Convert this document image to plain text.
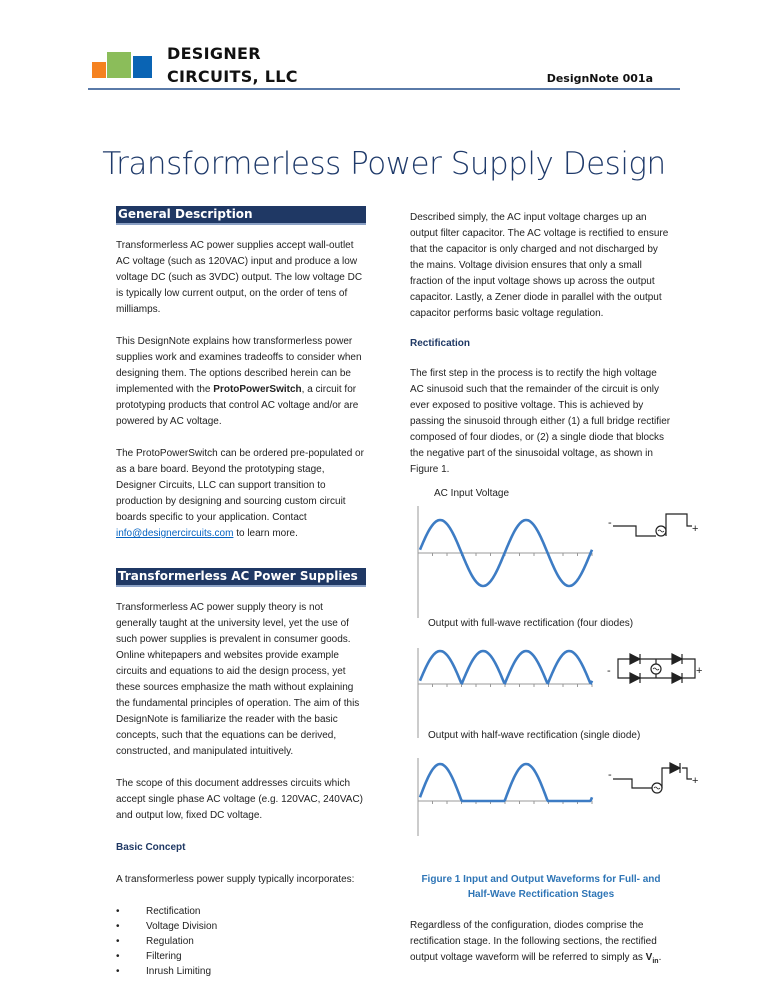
DESIGNER
CIRCUITS, LLC	DesignNote 001a
Transformerless Power Supply Design
General Description

Transformerless AC power supplies accept wall-outlet AC voltage (such as 120VAC) input and produce a low voltage DC (such as 3VDC) output. The low voltage DC is typically low current output, on the order of tens of milliamps.

This DesignNote explains how transformerless power supplies work and examines tradeoffs to consider when designing them. The options described herein can be implemented with the ProtoPowerSwitch, a circuit for prototyping products that control AC voltage and/or are powered by AC voltage.

The ProtoPowerSwitch can be ordered pre-populated or as a bare board. Beyond the prototyping stage, Designer Circuits, LLC can support transition to production by designing and sourcing custom circuit boards specific to your application. Contact info@designercircuits.com to learn more.

Transformerless AC Power Supplies

Transformerless AC power supply theory is not generally taught at the university level, yet the use of such power supplies is prevalent in consumer goods. Online whitepapers and websites provide example circuits and equations to aid the design process, yet these sources emphasize the math without explaining the fundamental principles of operation. The aim of this DesignNote is familiarize the reader with the basic concepts, such that the equations can be derived, constructed, and manipulated intuitively.

The scope of this document addresses circuits which accept single phase AC voltage (e.g. 120VAC, 240VAC) and output low, fixed DC voltage.

Basic Concept

A transformerless power supply typically incorporates:

• Rectification
• Voltage Division
• Regulation
• Filtering
• Inrush Limiting

Described simply, the AC input voltage charges up an output filter capacitor. The AC voltage is rectified to ensure that the capacitor is only charged and not discharged by the mains. Voltage division ensures that only a small fraction of the input voltage shows up across the output capacitor. Lastly, a Zener diode in parallel with the output capacitor performs basic voltage regulation.

Rectification

The first step in the process is to rectify the high voltage AC sinusoid such that the remainder of the circuit is only ever exposed to positive voltage. This is achieved by passing the sinusoid through either (1) a full bridge rectifier composed of four diodes, or (2) a single diode that blocks the negative part of the sinusoidal voltage, as shown in Figure 1.

AC Input Voltage
Output with full-wave rectification (four diodes)
Output with half-wave rectification (single diode)
-	+
-	+
-	+
Figure 1 Input and Output Waveforms for Full- and Half-Wave Rectification Stages

Regardless of the configuration, diodes comprise the rectification stage. In the following sections, the rectified output voltage waveform will be referred to simply as $V_{in}$.
